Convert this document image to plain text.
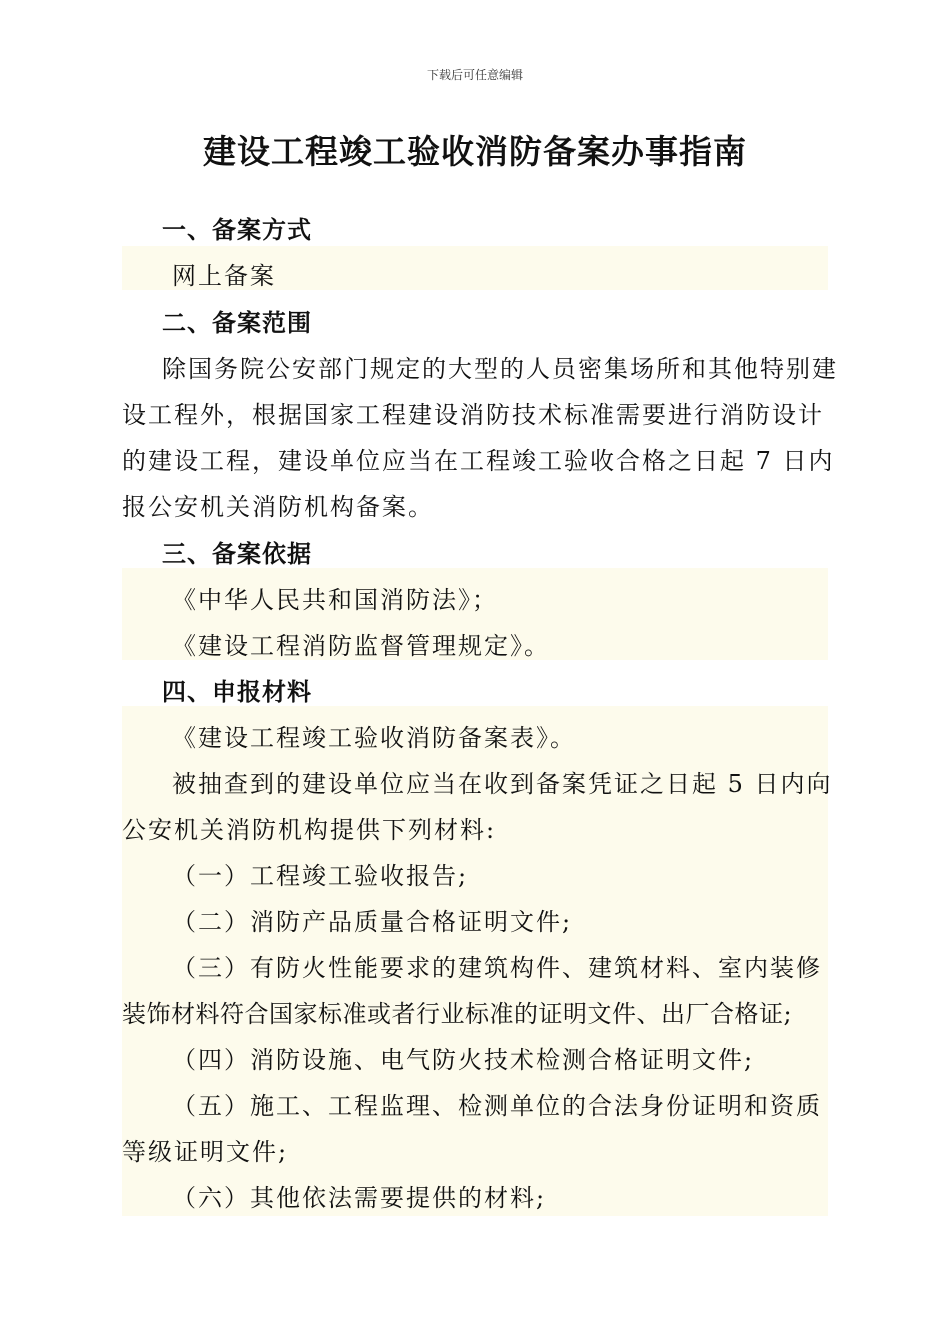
下载后可任意编辑
建设工程竣工验收消防备案办事指南
一、备案方式
网上备案
二、备案范围
除国务院公安部门规定的大型的人员密集场所和其他特别建
设工程外，根据国家工程建设消防技术标准需要进行消防设计
的建设工程，建设单位应当在工程竣工验收合格之日起 7 日内
报公安机关消防机构备案。
三、备案依据
《中华人民共和国消防法》；
《建设工程消防监督管理规定》。
四、申报材料
《建设工程竣工验收消防备案表》。
被抽查到的建设单位应当在收到备案凭证之日起 5 日内向
公安机关消防机构提供下列材料:
（一）工程竣工验收报告;
（二）消防产品质量合格证明文件;
（三）有防火性能要求的建筑构件、建筑材料、室内装修
装饰材料符合国家标准或者行业标准的证明文件、出厂合格证;
（四）消防设施、电气防火技术检测合格证明文件;
（五）施工、工程监理、检测单位的合法身份证明和资质
等级证明文件;
（六）其他依法需要提供的材料;
